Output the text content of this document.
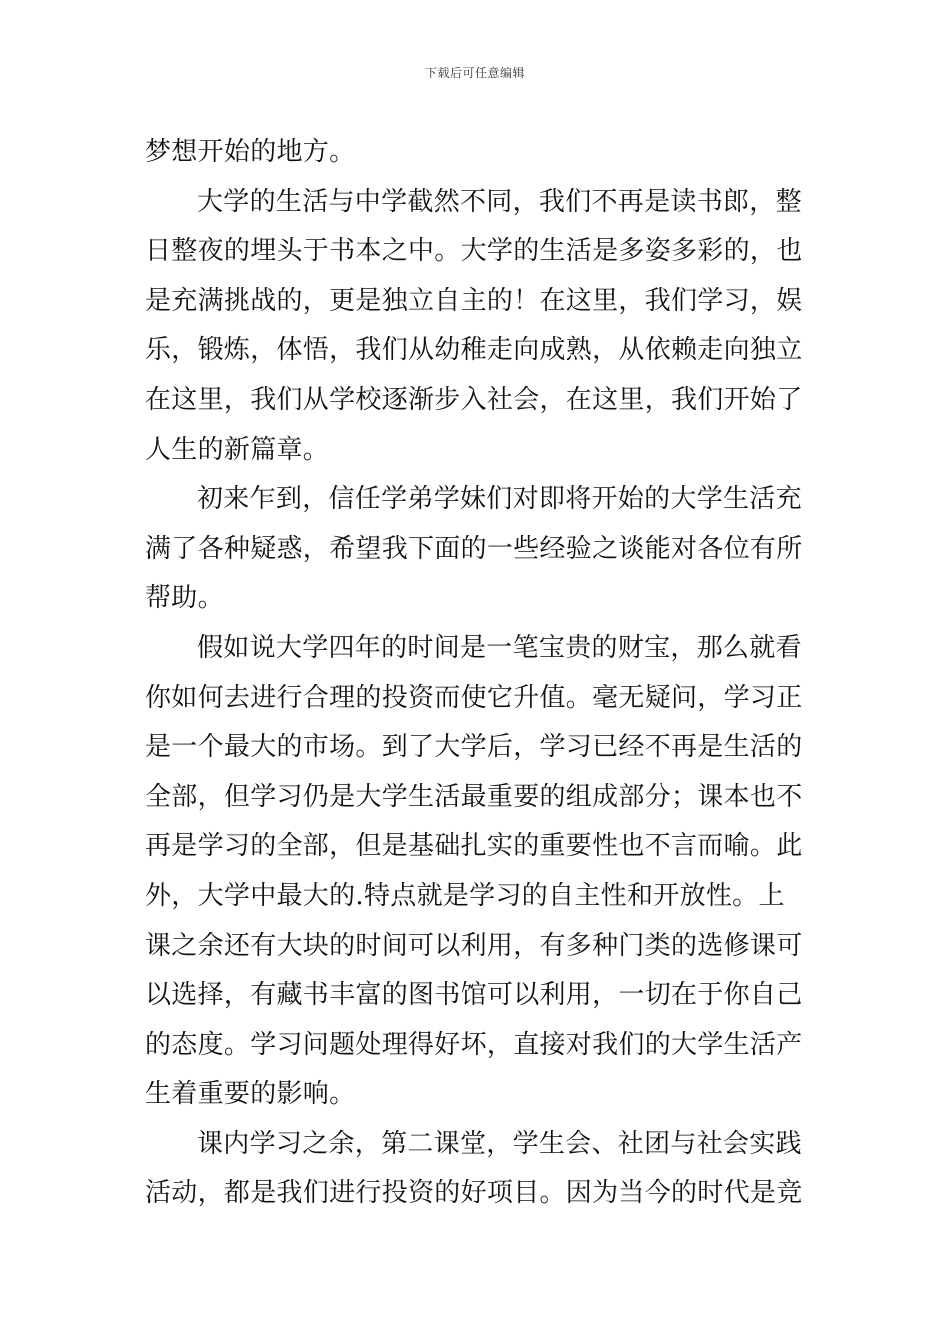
下载后可任意编辑

梦想开始的地方。

大学的生活与中学截然不同，我们不再是读书郎，整日整夜的埋头于书本之中。大学的生活是多姿多彩的，也是充满挑战的，更是独立自主的！在这里，我们学习，娱乐，锻炼，体悟，我们从幼稚走向成熟，从依赖走向独立在这里，我们从学校逐渐步入社会，在这里，我们开始了人生的新篇章。

初来乍到，信任学弟学妹们对即将开始的大学生活充满了各种疑惑，希望我下面的一些经验之谈能对各位有所帮助。

假如说大学四年的时间是一笔宝贵的财宝，那么就看你如何去进行合理的投资而使它升值。毫无疑问，学习正是一个最大的市场。到了大学后，学习已经不再是生活的全部，但学习仍是大学生活最重要的组成部分；课本也不再是学习的全部，但是基础扎实的重要性也不言而喻。此外，大学中最大的.特点就是学习的自主性和开放性。上课之余还有大块的时间可以利用，有多种门类的选修课可以选择，有藏书丰富的图书馆可以利用，一切在于你自己的态度。学习问题处理得好坏，直接对我们的大学生活产生着重要的影响。

课内学习之余，第二课堂，学生会、社团与社会实践活动，都是我们进行投资的好项目。因为当今的时代是竞
